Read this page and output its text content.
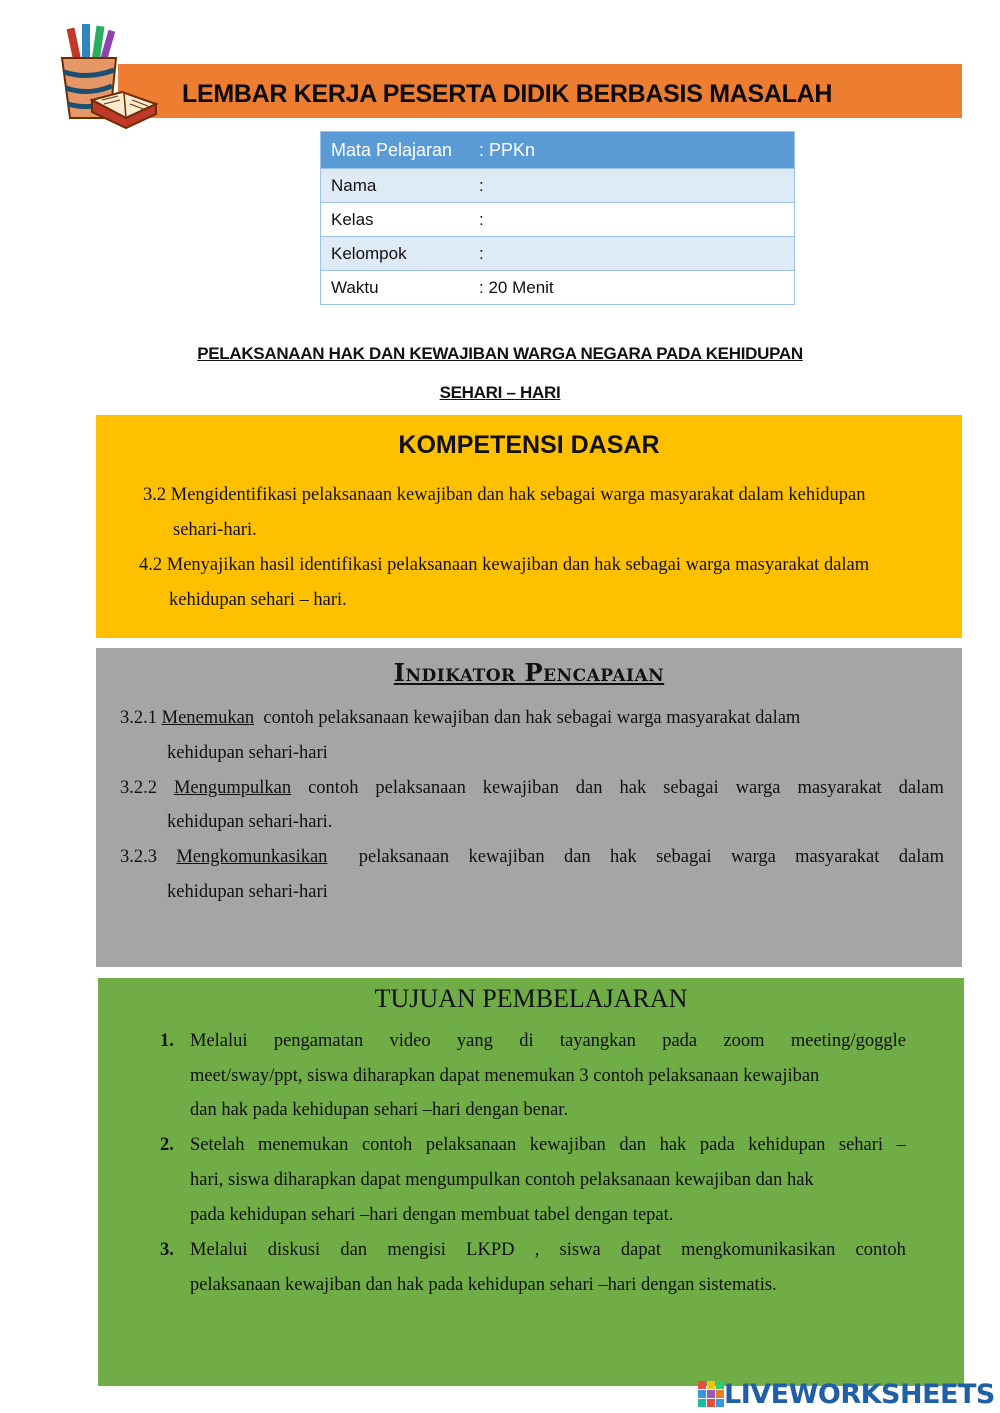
LEMBAR KERJA PESERTA DIDIK BERBASIS MASALAH
Mata Pelajaran	: PPKn
Nama	:
Kelas	:
Kelompok	:
Waktu	: 20 Menit
PELAKSANAAN HAK DAN KEWAJIBAN WARGA NEGARA PADA KEHIDUPAN
SEHARI – HARI
KOMPETENSI DASAR
3.2 Mengidentifikasi pelaksanaan kewajiban dan hak sebagai warga masyarakat dalam kehidupan
sehari-hari.
4.2 Menyajikan hasil identifikasi pelaksanaan kewajiban dan hak sebagai warga masyarakat dalam
kehidupan sehari – hari.
Indikator Pencapaian
3.2.1 Menemukan contoh pelaksanaan kewajiban dan hak sebagai warga masyarakat dalam
kehidupan sehari-hari
3.2.2 Mengumpulkan contoh pelaksanaan kewajiban dan hak sebagai warga masyarakat dalam
kehidupan sehari-hari.
3.2.3 Mengkomunkasikan	pelaksanaan kewajiban dan hak sebagai warga masyarakat dalam
kehidupan sehari-hari
TUJUAN PEMBELAJARAN
1. Melalui pengamatan video yang di tayangkan pada zoom meeting/goggle
meet/sway/ppt, siswa diharapkan dapat menemukan 3 contoh pelaksanaan kewajiban
dan hak pada kehidupan sehari –hari dengan benar.
2. Setelah menemukan contoh pelaksanaan kewajiban dan hak pada kehidupan sehari –
hari, siswa diharapkan dapat mengumpulkan contoh pelaksanaan kewajiban dan hak
pada kehidupan sehari –hari dengan membuat tabel dengan tepat.
3. Melalui diskusi dan mengisi LKPD , siswa dapat mengkomunikasikan contoh
pelaksanaan kewajiban dan hak pada kehidupan sehari –hari dengan sistematis.
LIVEWORKSHEETS
